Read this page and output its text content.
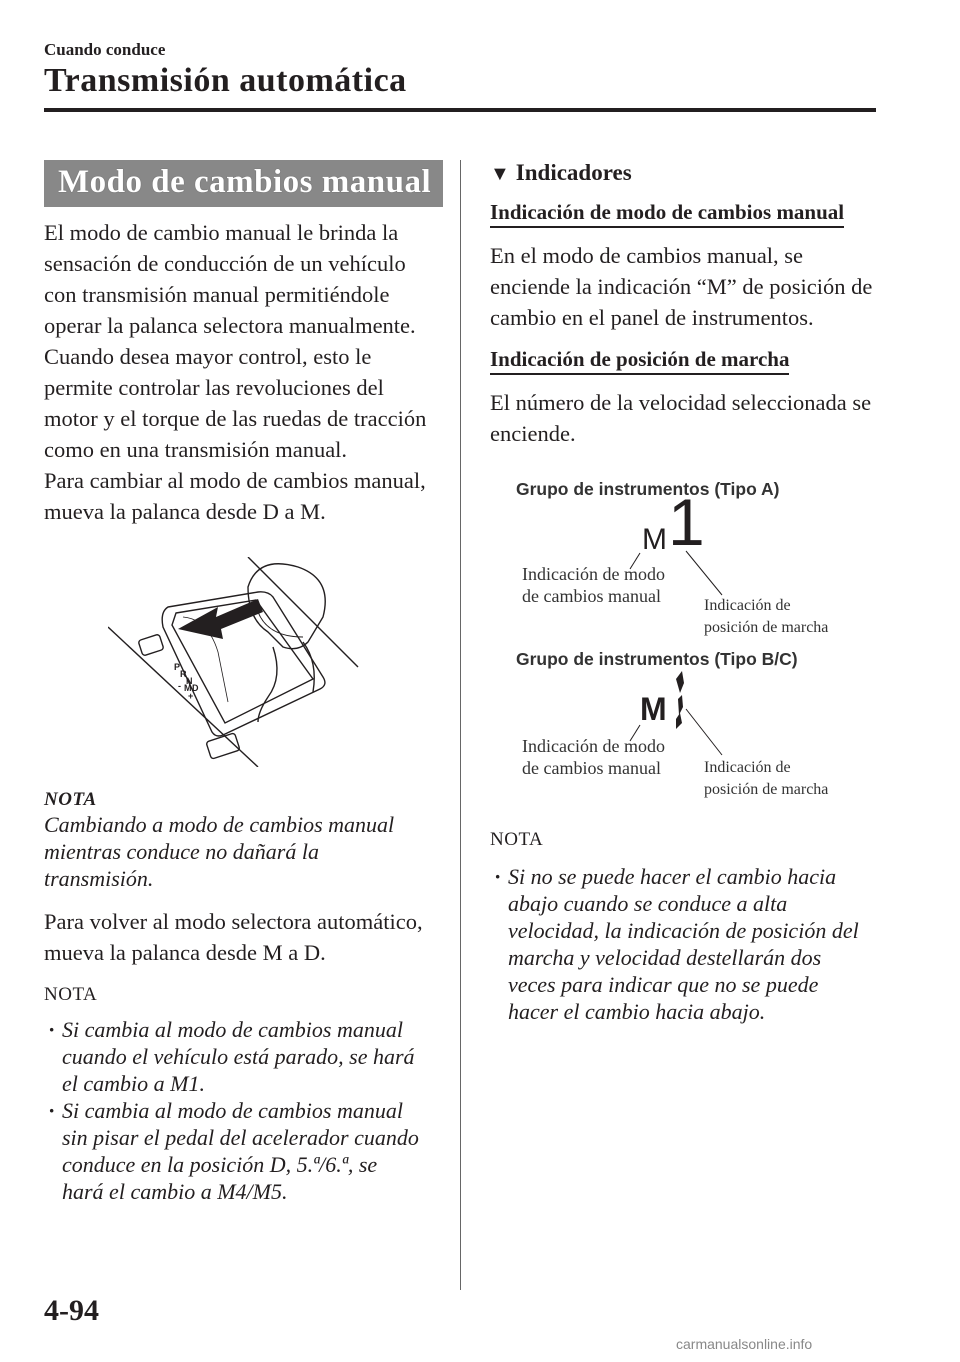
Cuando conduce
Transmisión automática
Modo de cambios manual

El modo de cambio manual le brinda la

sensación de conducción de un vehículo

con transmisión manual permitiéndole

operar la palanca selectora manualmente.

Cuando desea mayor control, esto le

permite controlar las revoluciones del

motor y el torque de las ruedas de tracción

como en una transmisión manual.

Para cambiar al modo de cambios manual,

mueva la palanca desde D a M.

P
R
N
D
M
-
+
NOTA
Cambiando a modo de cambios manual
mientras conduce no dañará la
transmisión.

Para volver al modo selectora automático,

mueva la palanca desde M a D.

NOTA
· Si cambia al modo de cambios manual
cuando el vehículo está parado, se hará
el cambio a M1.
· Si cambia al modo de cambios manual
sin pisar el pedal del acelerador cuando
conduce en la posición D, 5.ª/6.ª, se
hará el cambio a M4/M5.
▼ Indicadores
Indicación de modo de cambios manual

En el modo de cambios manual, se

enciende la indicación “M” de posición de

cambio en el panel de instrumentos.

Indicación de posición de marcha

El número de la velocidad seleccionada se

enciende.

Grupo de instrumentos (Tipo A)
M 1
Indicación de modo
de cambios manual	Indicación de
posición de marcha
Grupo de instrumentos (Tipo B/C)
M
Indicación de modo
de cambios manual	Indicación de
posición de marcha
NOTA
· Si no se puede hacer el cambio hacia
abajo cuando se conduce a alta
velocidad, la indicación de posición del
marcha y velocidad destellarán dos
veces para indicar que no se puede
hacer el cambio hacia abajo.
4-94
carmanualsonline.info
